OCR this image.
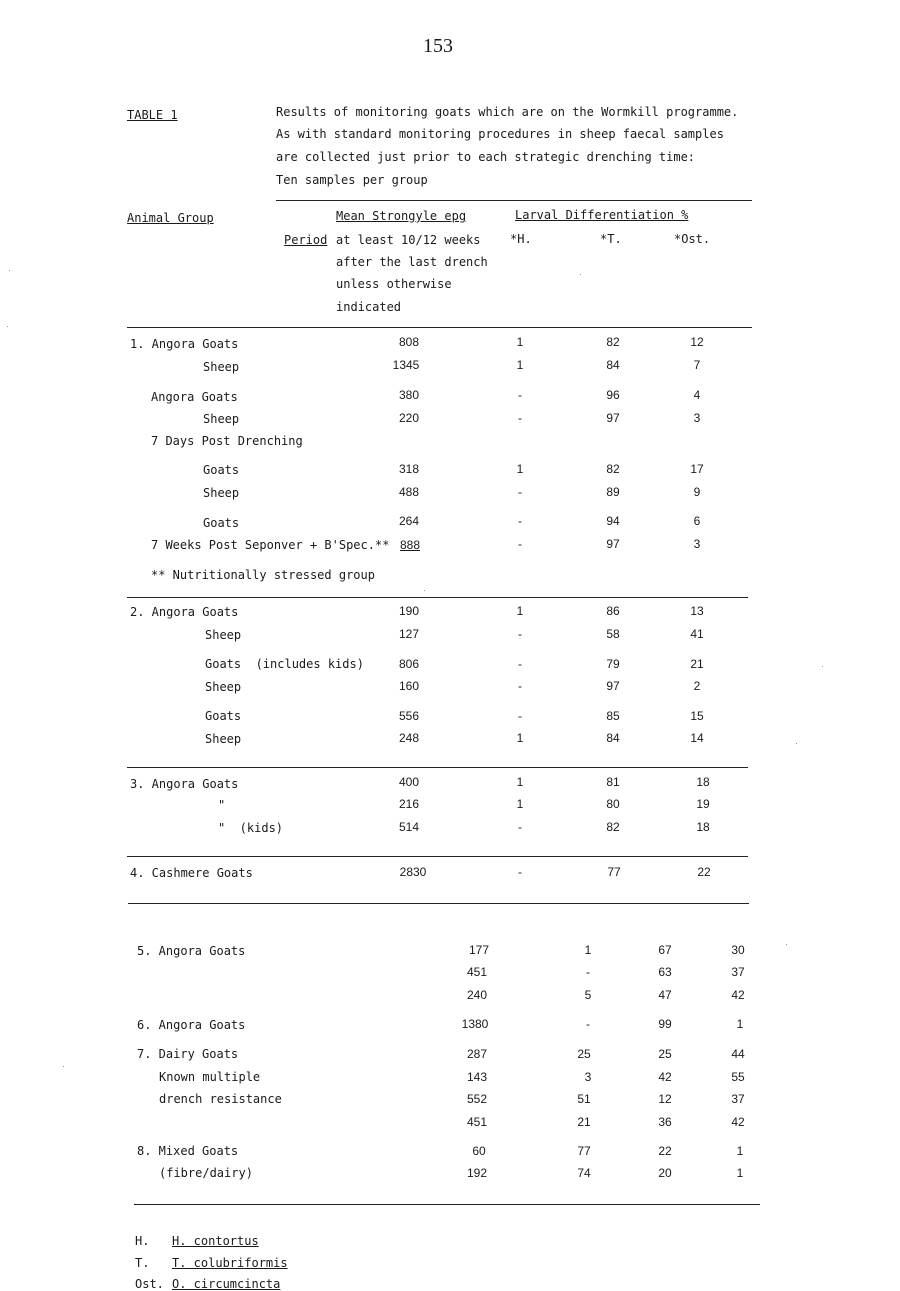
153
TABLE 1	Results of monitoring goats which are on the Wormkill programme.
As with standard monitoring procedures in sheep faecal samples
are collected just prior to each strategic drenching time:
Ten samples per group
Animal Group	Mean Strongyle epg	Larval Differentiation %
Period at least 10/12 weeks
after the last drench
unless otherwise
indicated
*H.	*T.	*Ost.
1. Angora Goats	808	1	82	12
Sheep	1345	1	84	7
Angora Goats	380	-	96	4
Sheep	220	-	97	3
7 Days Post Drenching
Goats	318	1	82	17
Sheep	488	-	89	9
Goats	264	-	94	6
7 Weeks Post Seponver + B'Spec.** 888	-	97	3
** Nutritionally stressed group
2. Angora Goats	190	1	86	13
Sheep	127	-	58	41
Goats  (includes kids)	806	-	79	21
Sheep	160	-	97	2
Goats	556	-	85	15
Sheep	248	1	84	14
3. Angora Goats	400	1	81	18
"	216	1	80	19
"  (kids)	514	-	82	18
4. Cashmere Goats	2830	-	77	22
5. Angora Goats	177	1	67	30
451	-	63	37
240	5	47	42
6. Angora Goats	1380	-	99	1
7. Dairy Goats	287	25	25	44
Known multiple	143	3	42	55
drench resistance	552	51	12	37
451	21	36	42
8. Mixed Goats	60	77	22	1
(fibre/dairy)	192	74	20	1
H. H. contortus
T. T. colubriformis
Ost. O. circumcincta
